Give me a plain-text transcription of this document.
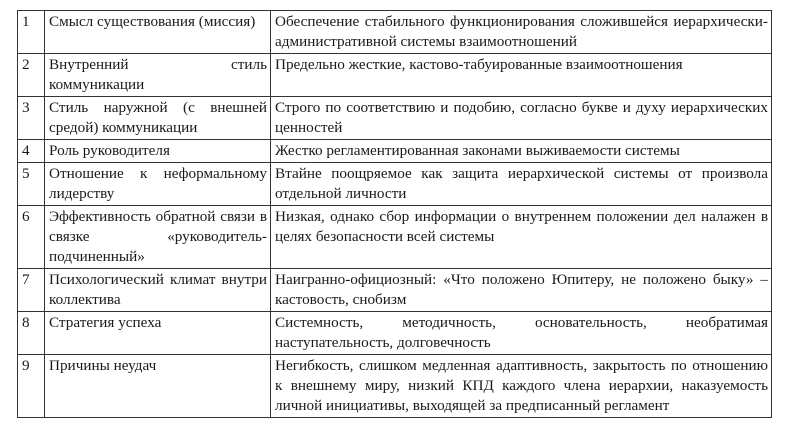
1	Смысл существования (миссия)	Обеспечение стабильного функционирования сложившейся иерархически-административной системы взаимоотношений
2	Внутренний стиль коммуникации	Предельно жесткие, кастово-табуированные взаимоотношения
3	Стиль наружной (с внешней средой) коммуникации	Строго по соответствию и подобию, согласно букве и духу иерархических ценностей
4	Роль руководителя	Жестко регламентированная законами выживаемости системы
5	Отношение к неформальному лидерству	Втайне поощряемое как защита иерархической системы от произвола отдельной личности
6	Эффективность обратной связи в связке «руководитель-подчиненный»	Низкая, однако сбор информации о внутреннем положении дел налажен в целях безопасности всей системы
7	Психологический климат внутри коллектива	Наигранно-официозный: «Что положено Юпитеру, не положено быку» – кастовость, снобизм
8	Стратегия успеха	Системность, методичность, основательность, необратимая наступательность, долговечность
9	Причины неудач	Негибкость, слишком медленная адаптивность, закрытость по отношению к внешнему миру, низкий КПД каждого члена иерархии, наказуемость личной инициативы, выходящей за предписанный регламент
